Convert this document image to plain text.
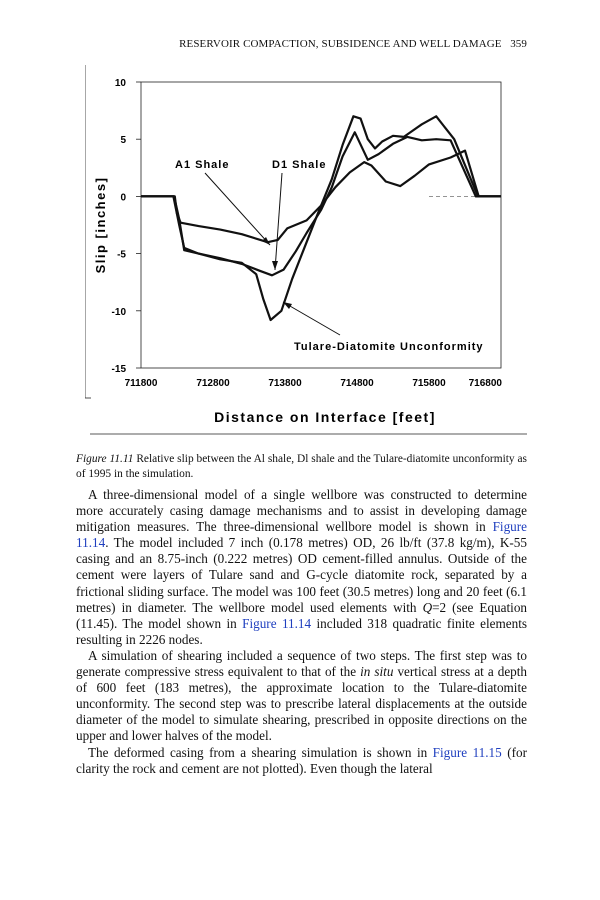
RESERVOIR COMPACTION, SUBSIDENCE AND WELL DAMAGE 359
10
5
0
-5
-10
-15
711800	712800	713800	714800	715800 716800
A1 Shale	D1 Shale
Tulare-Diatomite Unconformity
Slip [inches]
Distance on Interface [feet]
Figure 11.11 Relative slip between the Al shale, Dl shale and the Tulare-diatomite unconformity as of 1995 in the simulation.

A three-dimensional model of a single wellbore was constructed to determine more accurately casing damage mechanisms and to assist in developing damage mitigation measures. The three-dimensional wellbore model is shown in Figure 11.14. The model included 7 inch (0.178 metres) OD, 26 lb/ft (37.8 kg/m), K-55 casing and an 8.75-inch (0.222 metres) OD cement-filled annulus. Outside of the cement were layers of Tulare sand and G-cycle diatomite rock, separated by a frictional sliding surface. The model was 100 feet (30.5 metres) long and 20 feet (6.1 metres) in diameter. The wellbore model used elements with Q=2 (see Equation (11.45). The model shown in Figure 11.14 included 318 quadratic finite elements resulting in 2226 nodes.

A simulation of shearing included a sequence of two steps. The first step was to generate compressive stress equivalent to that of the in situ vertical stress at a depth of 600 feet (183 metres), the approximate location to the Tulare-diatomite unconformity. The second step was to prescribe lateral displacements at the outside diameter of the model to simulate shearing, prescribed in opposite directions on the upper and lower halves of the model.

The deformed casing from a shearing simulation is shown in Figure 11.15 (for clarity the rock and cement are not plotted). Even though the lateral
